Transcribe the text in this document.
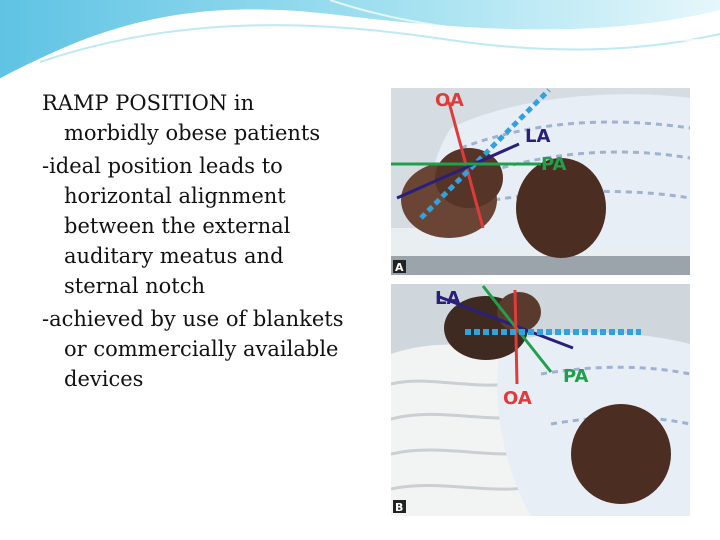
RAMP POSITION in
morbidly obese patients
-ideal position leads to
horizontal alignment
between the external
auditary meatus and
sternal notch
-achieved by use of blankets
or commercially available
devices
OA
LA
PA
A
LA
OA
PA
B
